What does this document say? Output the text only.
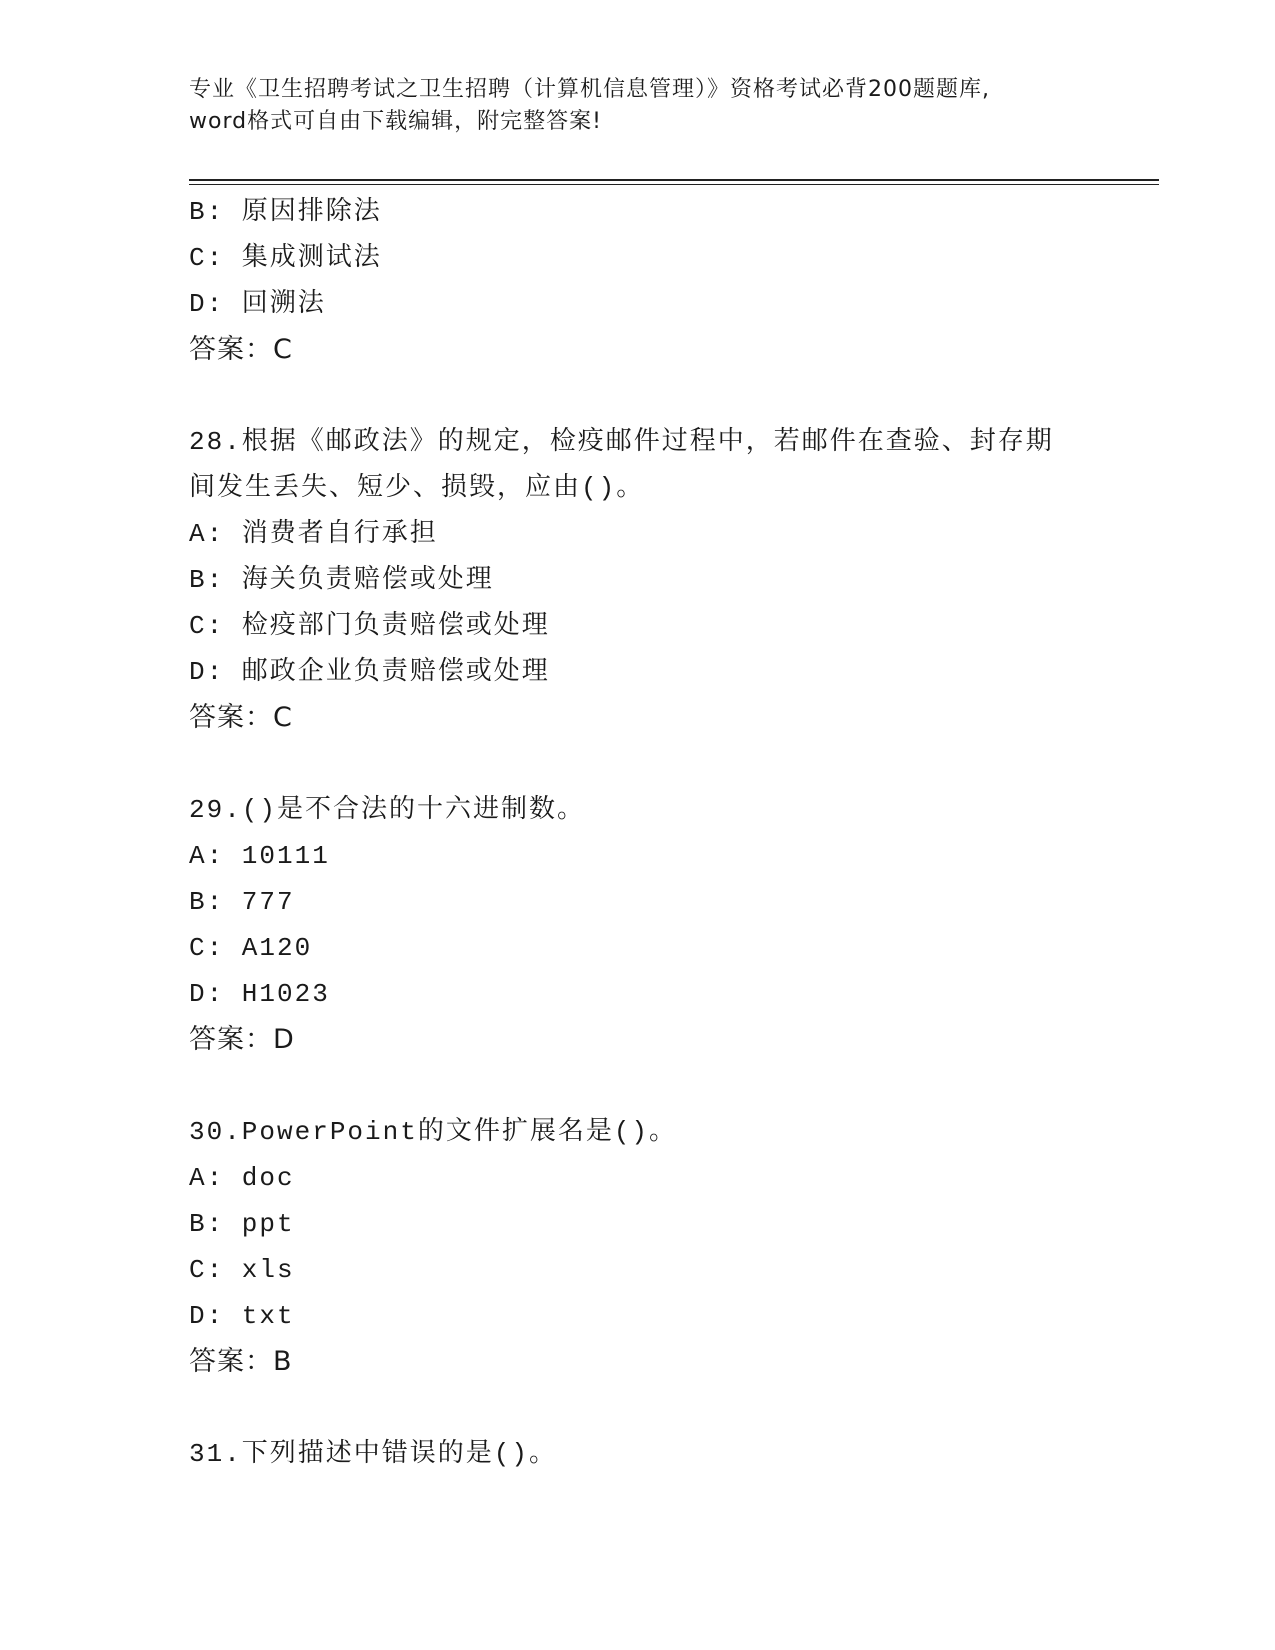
专业《卫生招聘考试之卫生招聘（计算机信息管理）》资格考试必背200题题库,
word格式可自由下载编辑，附完整答案!
B: 原因排除法
C: 集成测试法
D: 回溯法
答案：C
28.根据《邮政法》的规定，检疫邮件过程中，若邮件在查验、封存期
间发生丢失、短少、损毁，应由()。
A: 消费者自行承担
B: 海关负责赔偿或处理
C: 检疫部门负责赔偿或处理
D: 邮政企业负责赔偿或处理
答案：C
29.()是不合法的十六进制数。
A: 10111
B: 777
C: A120
D: H1023
答案：D
30.PowerPoint的文件扩展名是()。
A: doc
B: ppt
C: xls
D: txt
答案：B
31.下列描述中错误的是()。
